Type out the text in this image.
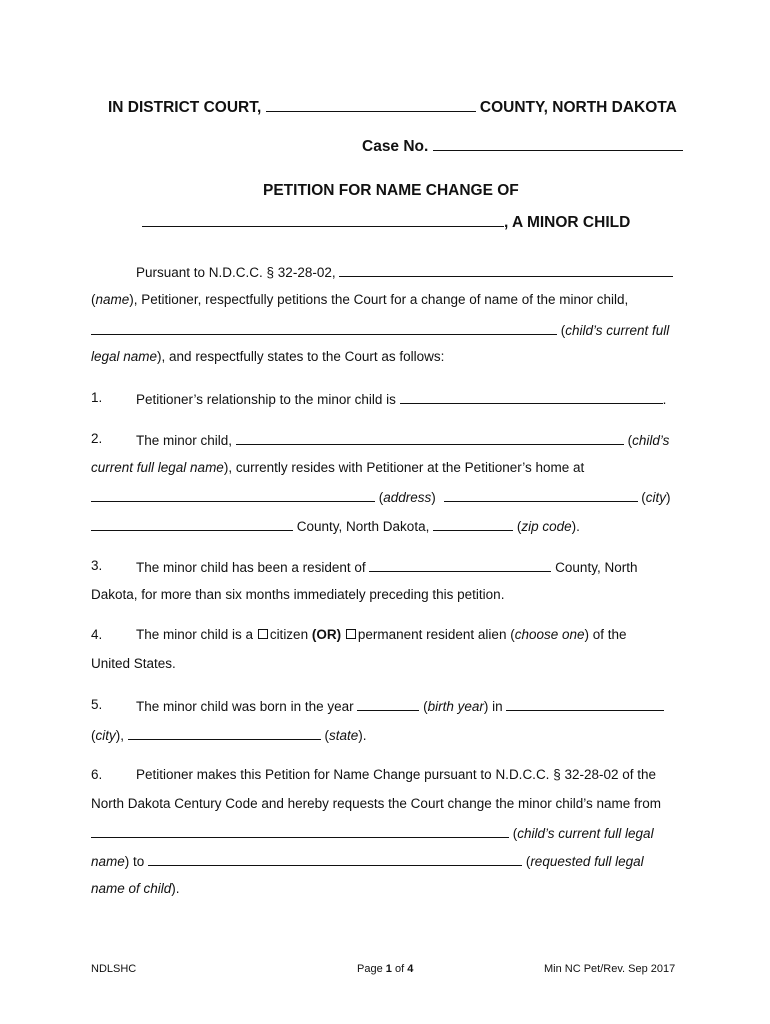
IN DISTRICT COURT,	COUNTY, NORTH DAKOTA
Case No.
PETITION FOR NAME CHANGE OF
, A MINOR CHILD
Pursuant to N.D.C.C. § 32-28-02,
(name), Petitioner, respectfully petitions the Court for a change of name of the minor child,
(child’s current full
legal name), and respectfully states to the Court as follows:
1. Petitioner’s relationship to the minor child is	.
2. The minor child,	(child’s
current full legal name), currently resides with Petitioner at the Petitioner’s home at
(address)	(city)
County, North Dakota,	(zip code).
3. The minor child has been a resident of	County, North
Dakota, for more than six months immediately preceding this petition.
4. The minor child is a citizen (OR) permanent resident alien (choose one) of the
United States.
5. The minor child was born in the year	(birth year) in
(city),	(state).
6. Petitioner makes this Petition for Name Change pursuant to N.D.C.C. § 32-28-02 of the
North Dakota Century Code and hereby requests the Court change the minor child’s name from
(child’s current full legal
name) to	(requested full legal
name of child).
NDLSHC	Page 1 of 4	Min NC Pet/Rev. Sep 2017
